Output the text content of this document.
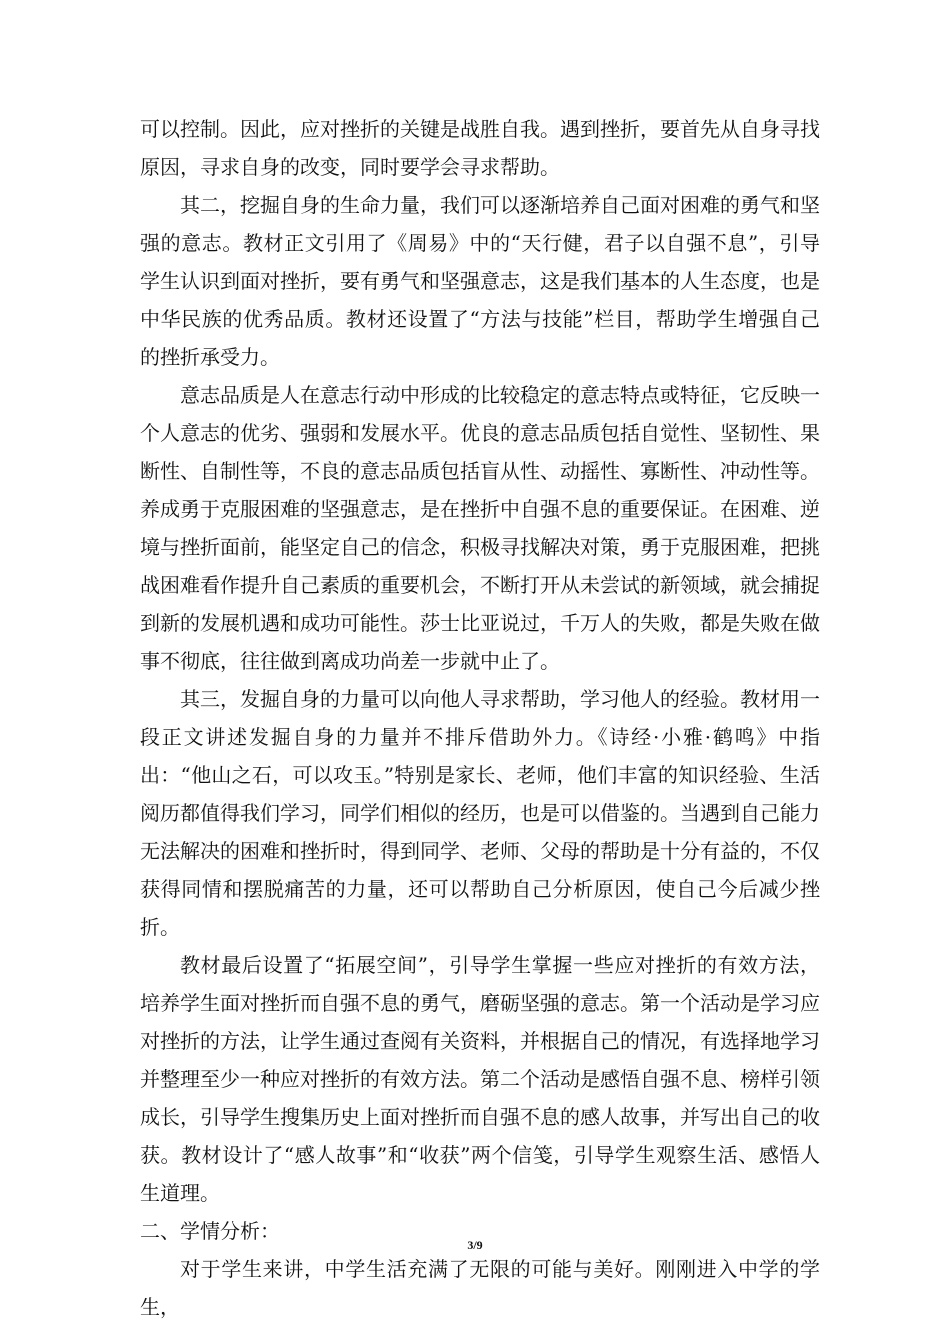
可以控制。因此，应对挫折的关键是战胜自我。遇到挫折，要首先从自身寻找原因，寻求自身的改变，同时要学会寻求帮助。

其二，挖掘自身的生命力量，我们可以逐渐培养自己面对困难的勇气和坚强的意志。教材正文引用了《周易》中的“天行健，君子以自强不息”，引导学生认识到面对挫折，要有勇气和坚强意志，这是我们基本的人生态度，也是中华民族的优秀品质。教材还设置了“方法与技能”栏目，帮助学生增强自己的挫折承受力。

意志品质是人在意志行动中形成的比较稳定的意志特点或特征，它反映一个人意志的优劣、强弱和发展水平。优良的意志品质包括自觉性、坚韧性、果断性、自制性等，不良的意志品质包括盲从性、动摇性、寡断性、冲动性等。养成勇于克服困难的坚强意志，是在挫折中自强不息的重要保证。在困难、逆境与挫折面前，能坚定自己的信念，积极寻找解决对策，勇于克服困难，把挑战困难看作提升自己素质的重要机会，不断打开从未尝试的新领域，就会捕捉到新的发展机遇和成功可能性。莎士比亚说过，千万人的失败，都是失败在做事不彻底，往往做到离成功尚差一步就中止了。

其三，发掘自身的力量可以向他人寻求帮助，学习他人的经验。教材用一段正文讲述发掘自身的力量并不排斥借助外力。《诗经·小雅·鹤鸣》中指出：“他山之石，可以攻玉。”特别是家长、老师，他们丰富的知识经验、生活阅历都值得我们学习，同学们相似的经历，也是可以借鉴的。当遇到自己能力无法解决的困难和挫折时，得到同学、老师、父母的帮助是十分有益的，不仅获得同情和摆脱痛苦的力量，还可以帮助自己分析原因，使自己今后减少挫折。

教材最后设置了“拓展空间”，引导学生掌握一些应对挫折的有效方法，培养学生面对挫折而自强不息的勇气，磨砺坚强的意志。第一个活动是学习应对挫折的方法，让学生通过查阅有关资料，并根据自己的情况，有选择地学习并整理至少一种应对挫折的有效方法。第二个活动是感悟自强不息、榜样引领成长，引导学生搜集历史上面对挫折而自强不息的感人故事，并写出自己的收获。教材设计了“感人故事”和“收获”两个信笺，引导学生观察生活、感悟人生道理。

二、学情分析：

对于学生来讲，中学生活充满了无限的可能与美好。刚刚进入中学的学生，

3/9
